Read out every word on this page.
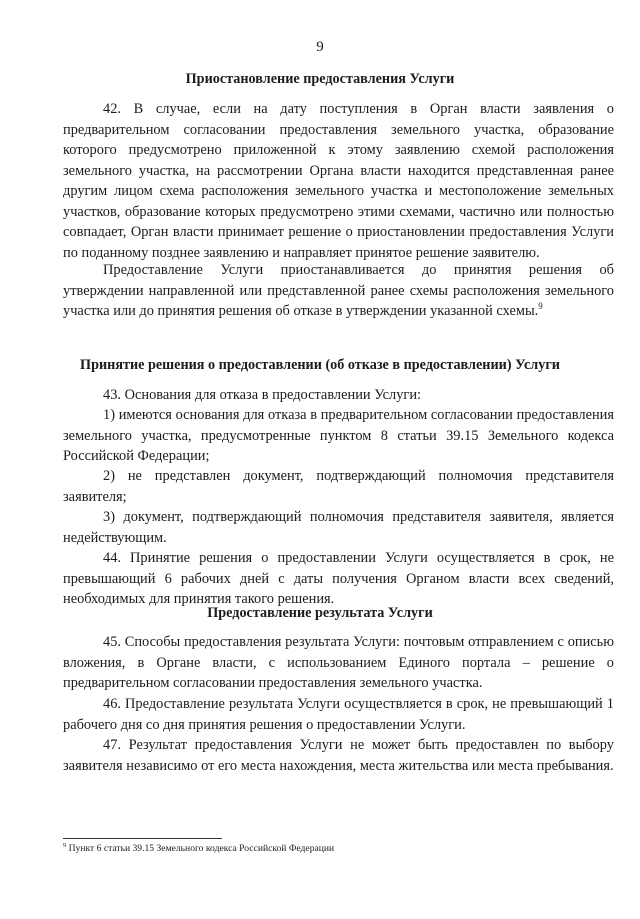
9
Приостановление предоставления Услуги

42. В случае, если на дату поступления в Орган власти заявления о предварительном согласовании предоставления земельного участка, образование которого предусмотрено приложенной к этому заявлению схемой расположения земельного участка, на рассмотрении Органа власти находится представленная ранее другим лицом схема расположения земельного участка и местоположение земельных участков, образование которых предусмотрено этими схемами, частично или полностью совпадает, Орган власти принимает решение о приостановлении предоставления Услуги по поданному позднее заявлению и направляет принятое решение заявителю.

Предоставление Услуги приостанавливается до принятия решения об утверждении направленной или представленной ранее схемы расположения земельного участка или до принятия решения об отказе в утверждении указанной схемы.$^9$

Принятие решения о предоставлении (об отказе в предоставлении) Услуги

43. Основания для отказа в предоставлении Услуги:

1) имеются основания для отказа в предварительном согласовании предоставления земельного участка, предусмотренные пунктом 8 статьи 39.15 Земельного кодекса Российской Федерации;

2) не представлен документ, подтверждающий полномочия представителя заявителя;

3) документ, подтверждающий полномочия представителя заявителя, является недействующим.

44. Принятие решения о предоставлении Услуги осуществляется в срок, не превышающий 6 рабочих дней с даты получения Органом власти всех сведений, необходимых для принятия такого решения.

Предоставление результата Услуги

45. Способы предоставления результата Услуги: почтовым отправлением с описью вложения, в Органе власти, с использованием Единого портала – решение о предварительном согласовании предоставления земельного участка.

46. Предоставление результата Услуги осуществляется в срок, не превышающий 1 рабочего дня со дня принятия решения о предоставлении Услуги.

47. Результат предоставления Услуги не может быть предоставлен по выбору заявителя независимо от его места нахождения, места жительства или места пребывания.

$^9$ Пункт 6 статьи 39.15 Земельного кодекса Российской Федерации
